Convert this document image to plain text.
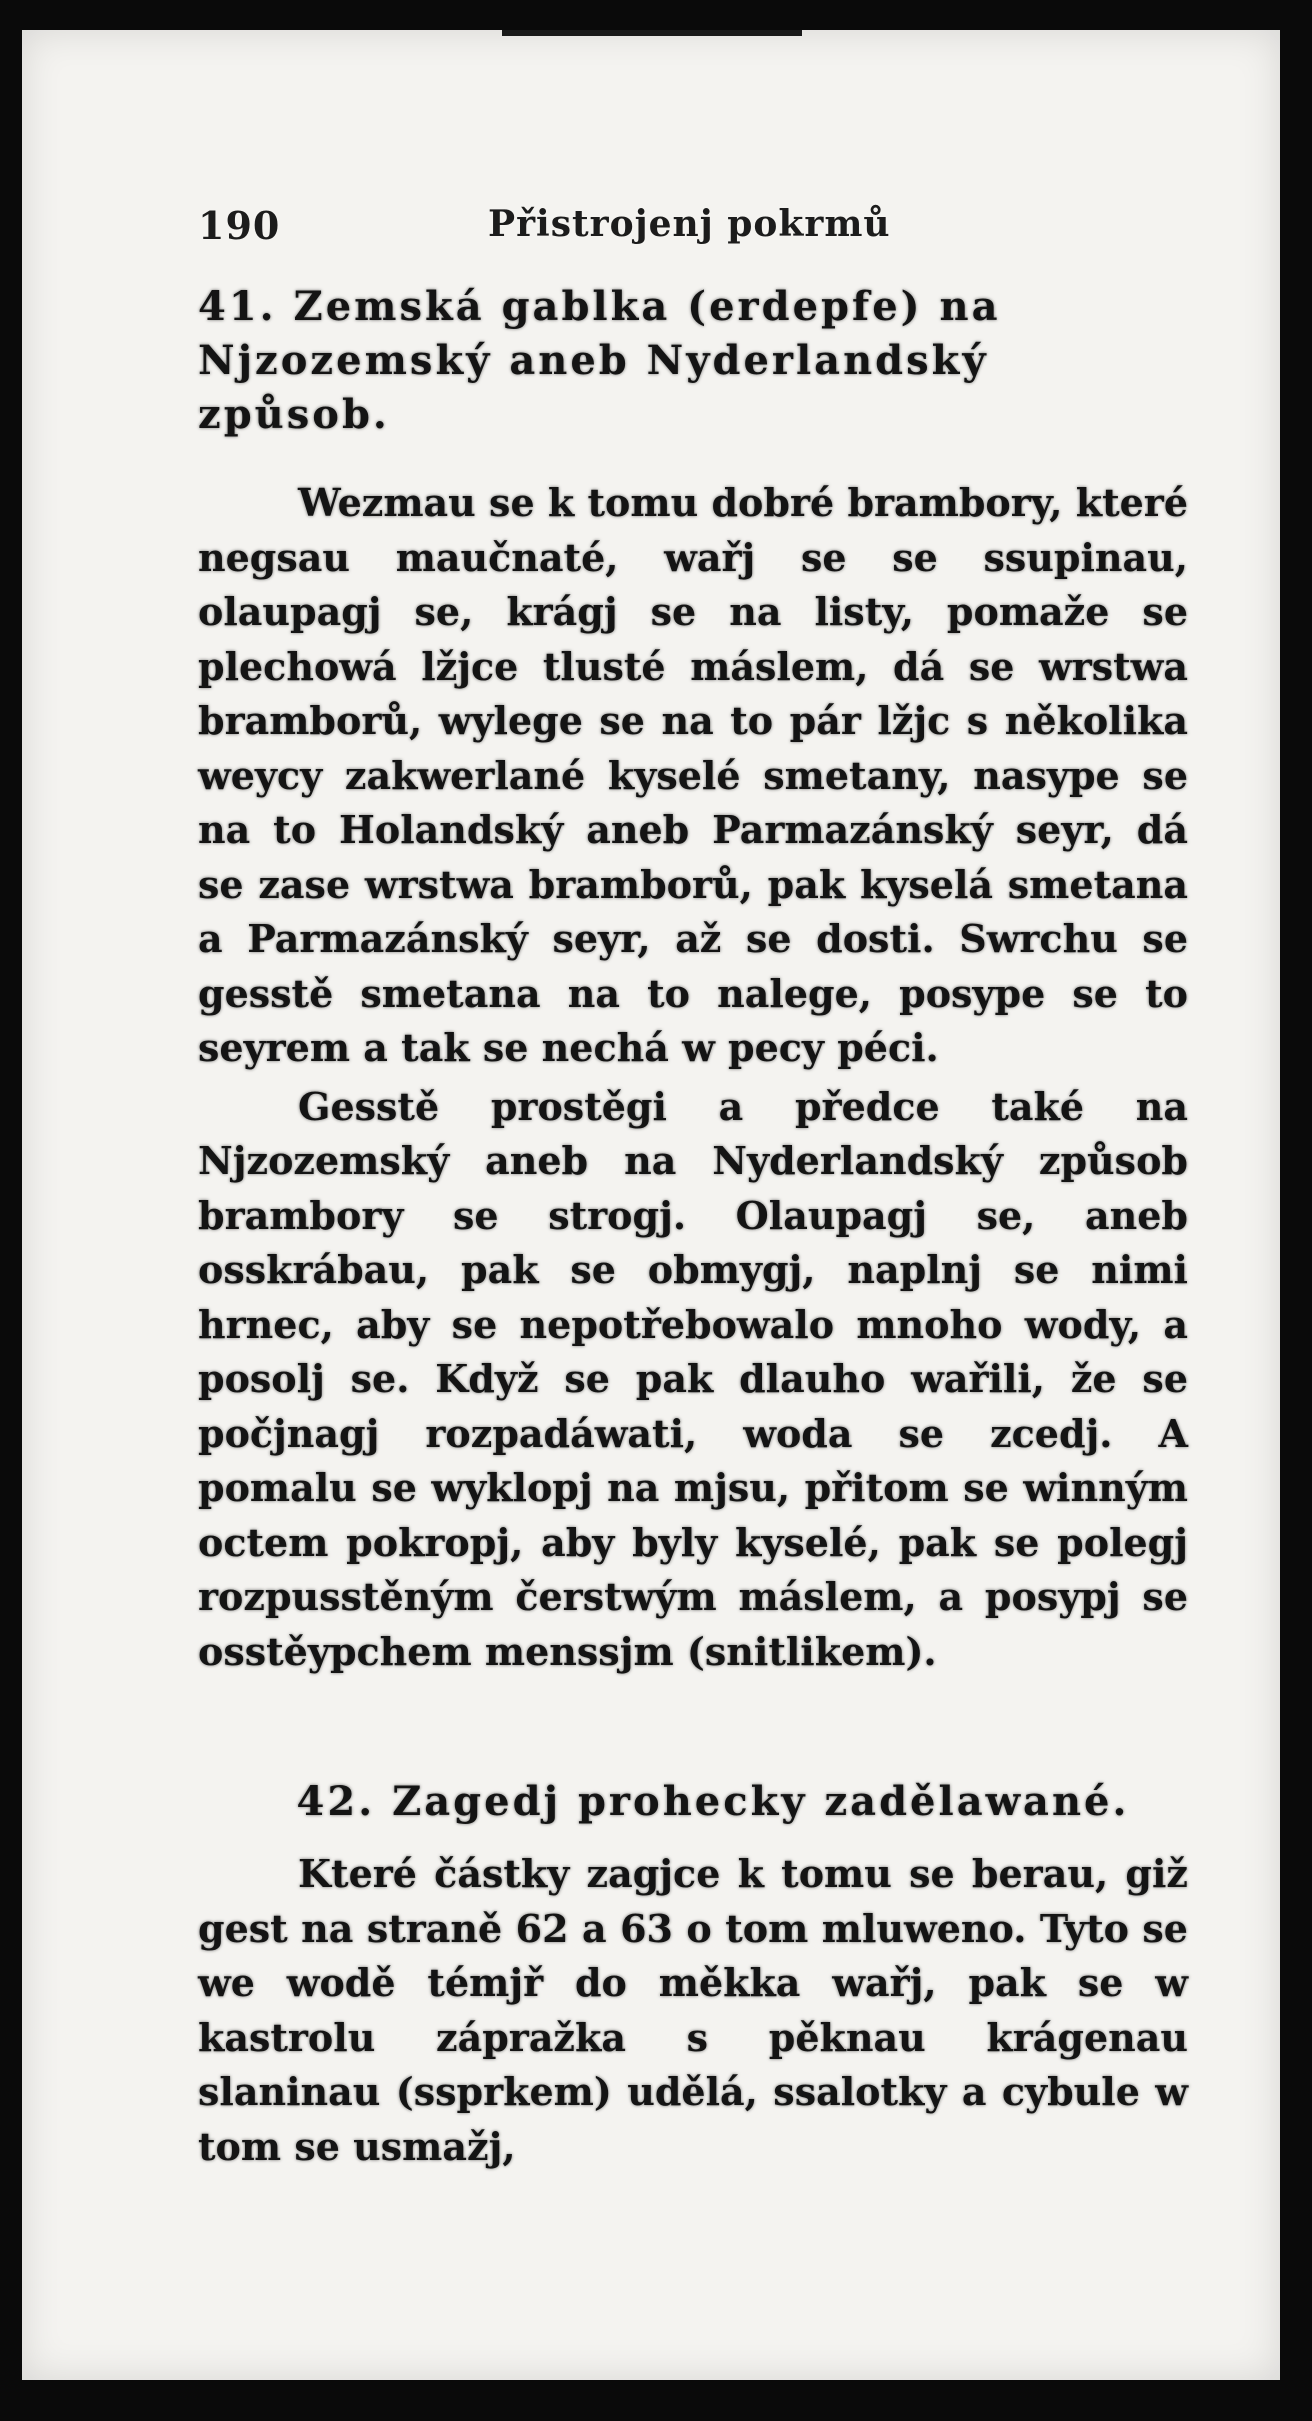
190	Přistrojenj pokrmů
41. Zemská gablka (erdepfe) na Njzozemský aneb Nyderlandský způsob.

Wezmau se k tomu dobré brambory, které negsau maučnaté, wařj se se ssupinau, olaupagj se, krágj se na listy, pomaže se plechowá lžjce tlusté máslem, dá se wrstwa bramborů, wylege se na to pár lžjc s několika weycy zakwerlané kyselé smetany, nasype se na to Holandský aneb Parmazánský seyr, dá se zase wrstwa bramborů, pak kyselá smetana a Parmazánský seyr, až se dosti. Swrchu se gesstě smetana na to nalege, posype se to seyrem a tak se nechá w pecy péci.

Gesstě prostěgi a předce také na Njzozemský aneb na Nyderlandský způsob brambory se strogj. Olaupagj se, aneb osskrábau, pak se obmygj, naplnj se nimi hrnec, aby se nepotřebowalo mnoho wody, a posolj se. Když se pak dlauho wařili, že se počjnagj rozpadáwati, woda se zcedj. A pomalu se wyklopj na mjsu, přitom se winným octem pokropj, aby byly kyselé, pak se polegj rozpusstěným čerstwým máslem, a posypj se osstěypchem menssjm (snitlikem).

42. Zagedj prohecky zadělawané.

Které částky zagjce k tomu se berau, giž gest na straně 62 a 63 o tom mluweno. Tyto se we wodě témjř do měkka wařj, pak se w kastrolu zápražka s pěknau krágenau slaninau (ssprkem) udělá, ssalotky a cybule w tom se usmažj,
